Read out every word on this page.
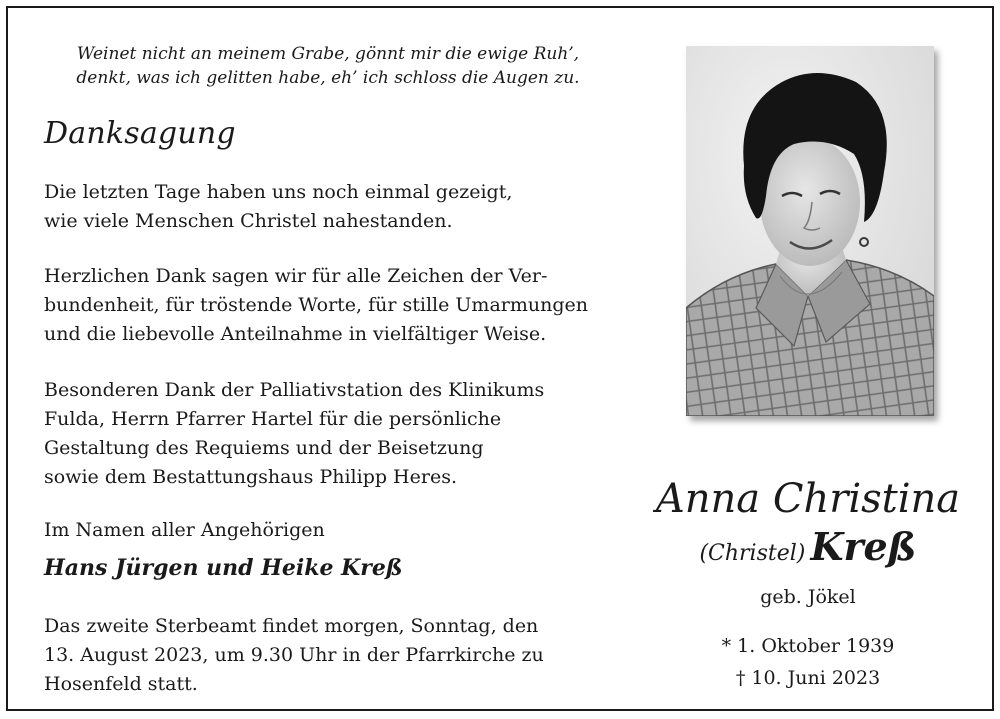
Weinet nicht an meinem Grabe, gönnt mir die ewige Ruh’,
denkt, was ich gelitten habe, eh’ ich schloss die Augen zu.
Danksagung
Die letzten Tage haben uns noch einmal gezeigt,
wie viele Menschen Christel nahestanden.
Herzlichen Dank sagen wir für alle Zeichen der Ver-
bundenheit, für tröstende Worte, für stille Umarmungen
und die liebevolle Anteilnahme in vielfältiger Weise.
Besonderen Dank der Palliativstation des Klinikums
Fulda, Herrn Pfarrer Hartel für die persönliche
Gestaltung des Requiems und der Beisetzung
sowie dem Bestattungshaus Philipp Heres.
Im Namen aller Angehörigen
Hans Jürgen und Heike Kreß
Das zweite Sterbeamt findet morgen, Sonntag, den
13. August 2023, um 9.30 Uhr in der Pfarrkirche zu
Hosenfeld statt.
Anna Christina
(Christel) Kreß
geb. Jökel
* 1. Oktober 1939
† 10. Juni 2023
